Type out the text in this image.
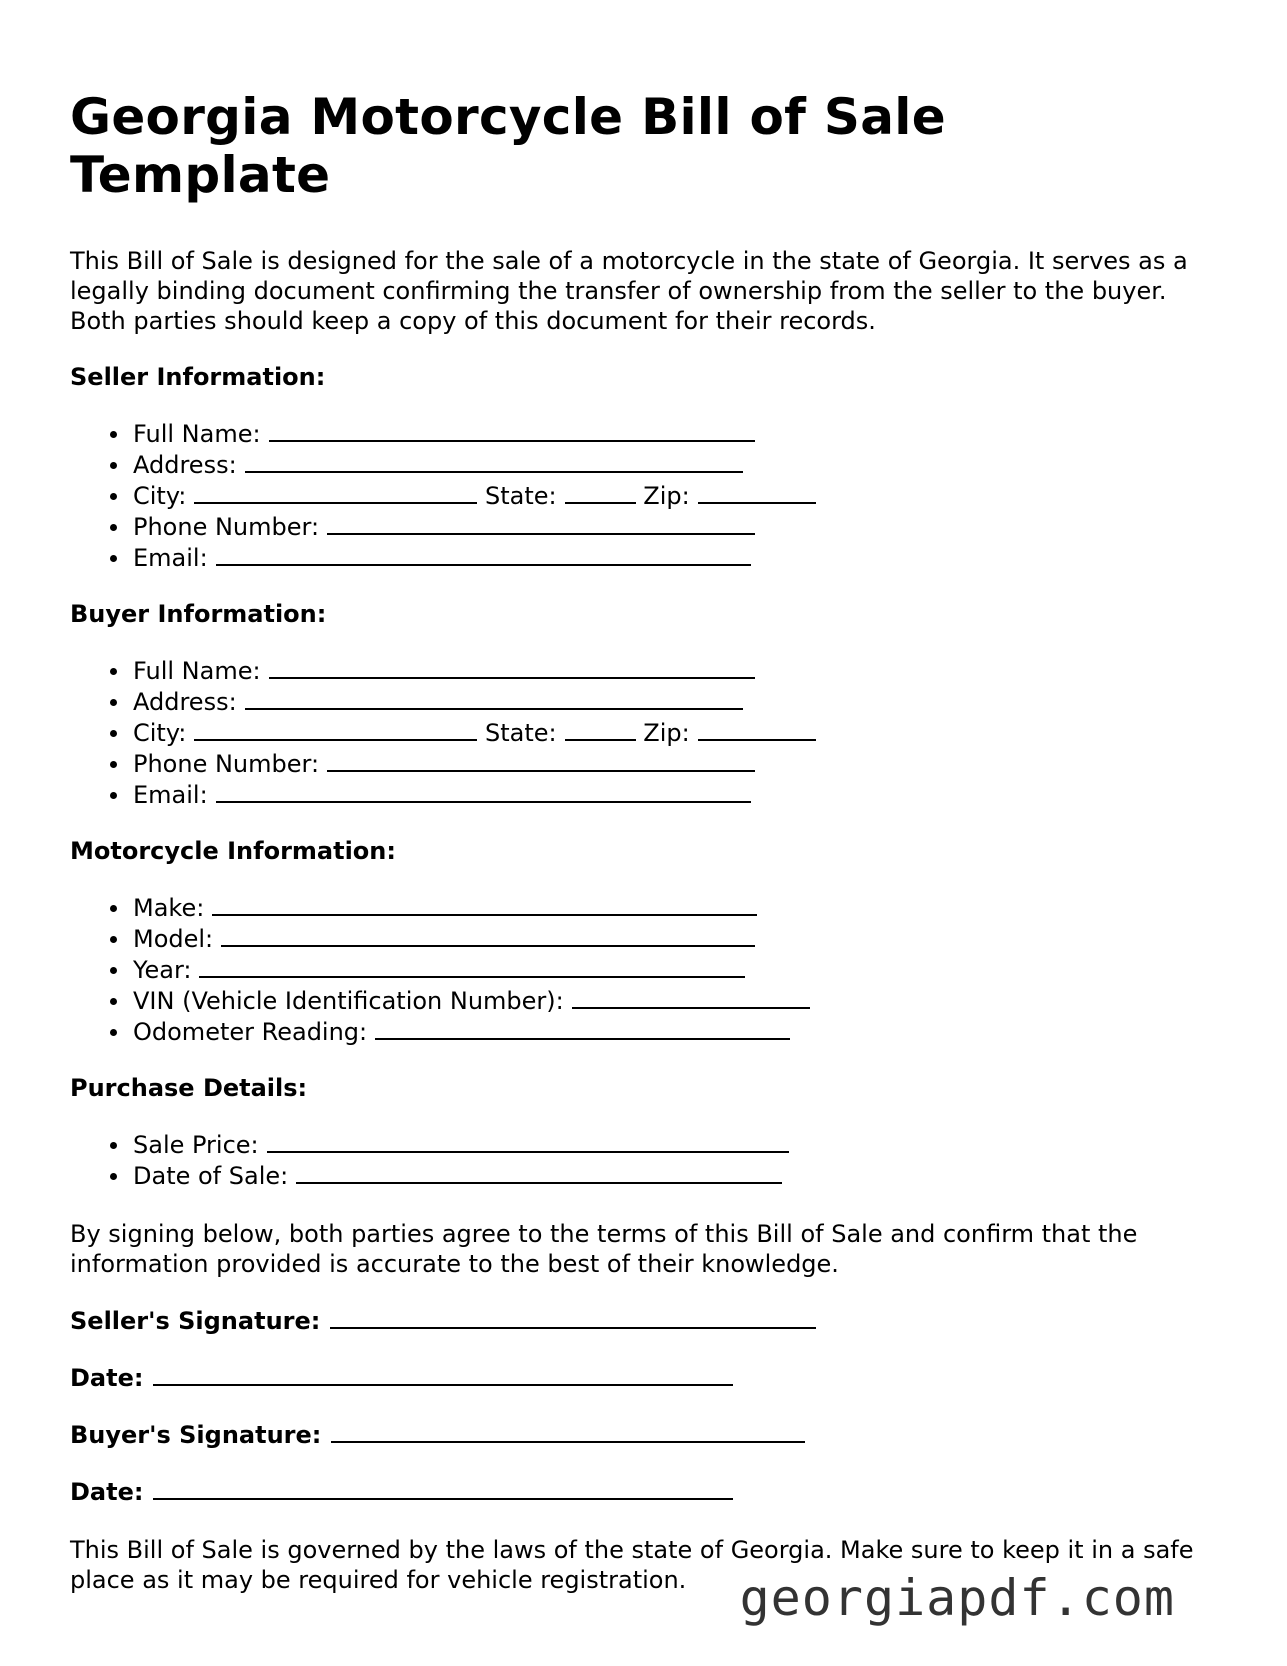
Georgia Motorcycle Bill of Sale Template

This Bill of Sale is designed for the sale of a motorcycle in the state of Georgia. It serves as a legally binding document confirming the transfer of ownership from the seller to the buyer. Both parties should keep a copy of this document for their records.

Seller Information:

Full Name:
Address:
City:	State:	Zip:
Phone Number:
Email:

Buyer Information:

Full Name:
Address:
City:	State:	Zip:
Phone Number:
Email:

Motorcycle Information:

Make:
Model:
Year:
VIN (Vehicle Identification Number):
Odometer Reading:

Purchase Details:

Sale Price:
Date of Sale:

By signing below, both parties agree to the terms of this Bill of Sale and confirm that the information provided is accurate to the best of their knowledge.

Seller's Signature:

Date:

Buyer's Signature:

Date:

This Bill of Sale is governed by the laws of the state of Georgia. Make sure to keep it in a safe place as it may be required for vehicle registration.	georgiapdf.com
